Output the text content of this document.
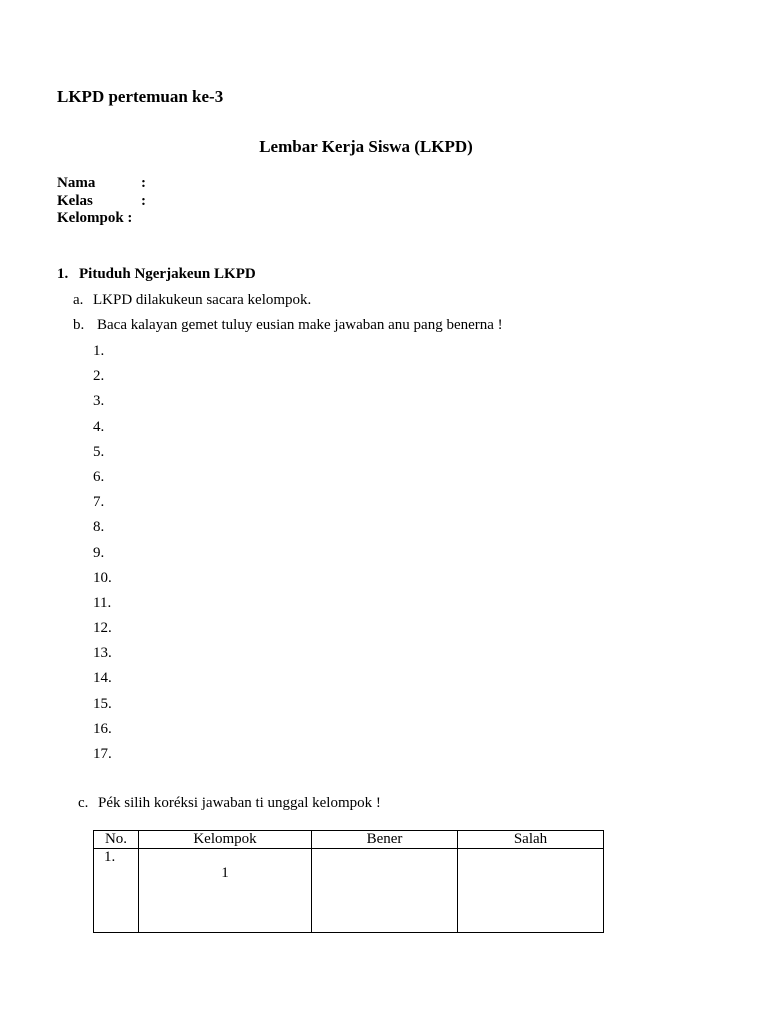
LKPD pertemuan ke-3
Lembar Kerja Siswa (LKPD)
Nama	:
Kelas	:
Kelompok :
1. Pituduh Ngerjakeun LKPD
a. LKPD dilakukeun sacara kelompok.
b. Baca kalayan gemet tuluy eusian make jawaban anu pang benerna !
1.
2.
3.
4.
5.
6.
7.
8.
9.
10.
11.
12.
13.
14.
15.
16.
17.
c. Pék silih koréksi jawaban ti unggal kelompok !
No.	Kelompok	Bener	Salah
1.	1		
